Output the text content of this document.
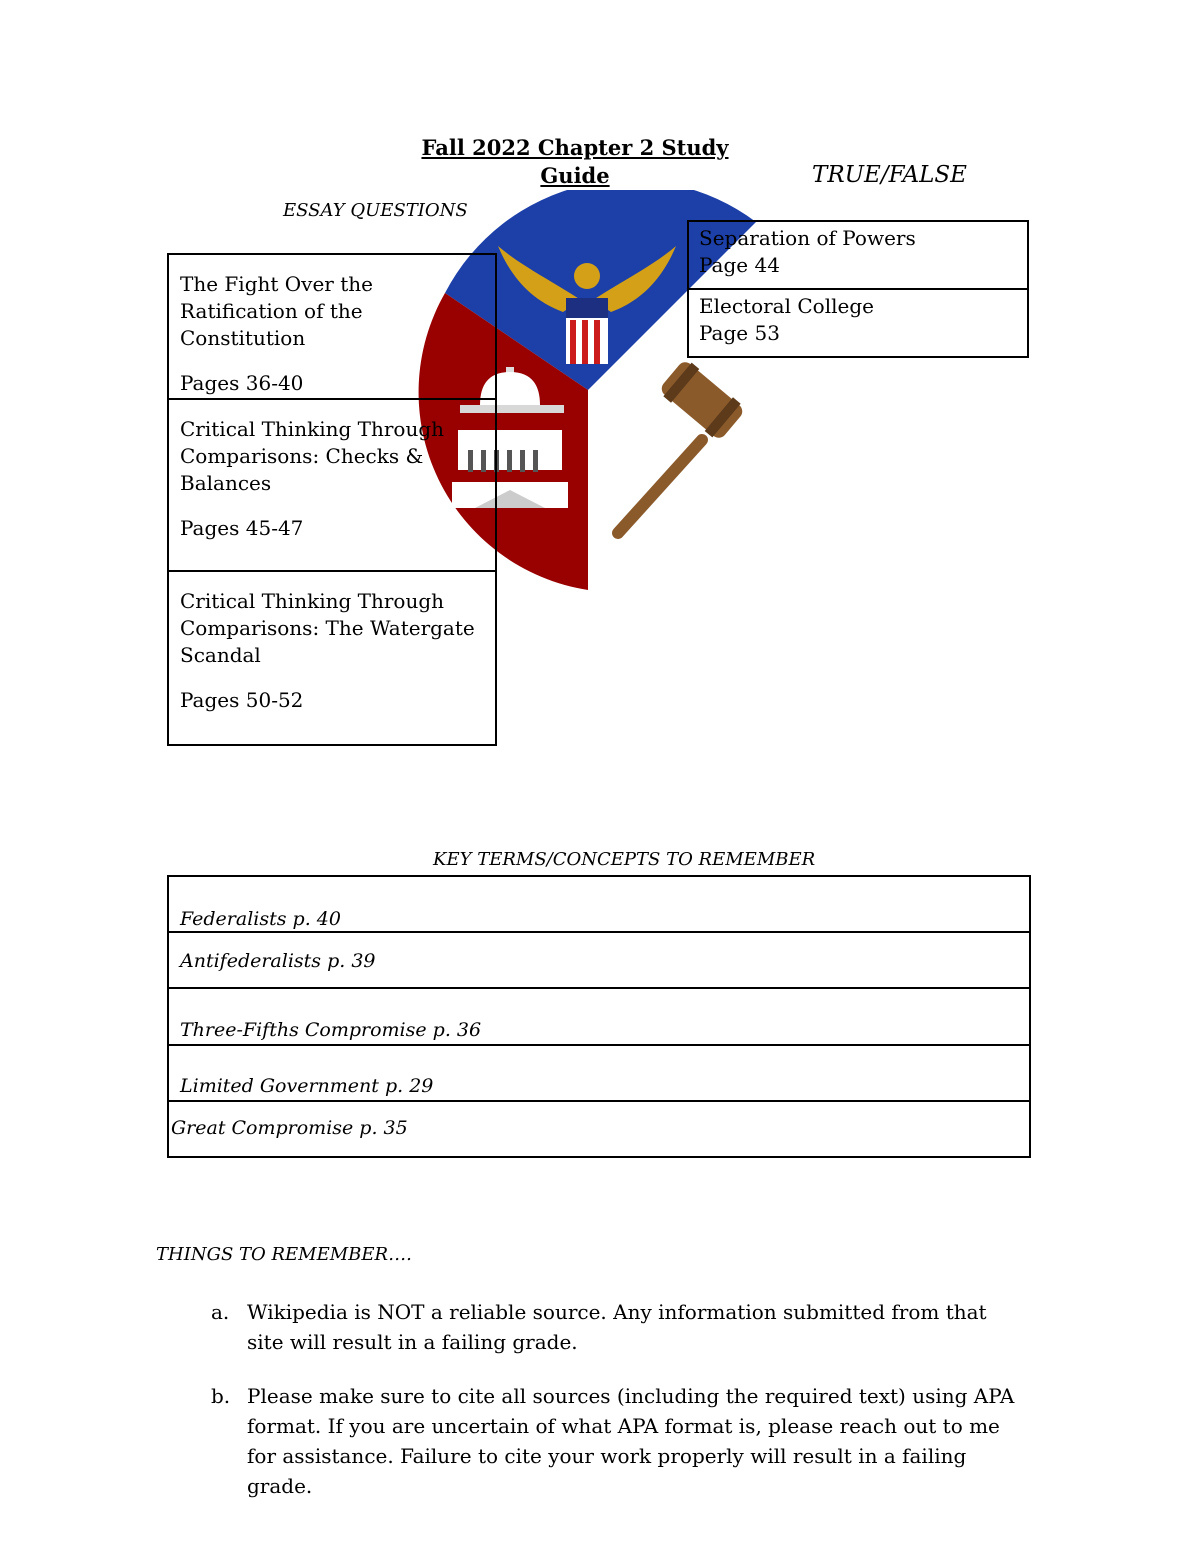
Fall 2022 Chapter 2 Study
Guide	TRUE/FALSE
ESSAY QUESTIONS

The Fight Over the Ratification of the Constitution

Pages 36-40

Critical Thinking Through Comparisons: Checks & Balances

Pages 45-47

Critical Thinking Through Comparisons: The Watergate Scandal

Pages 50-52

Separation of Powers
Page 44
Electoral College
Page 53
KEY TERMS/CONCEPTS TO REMEMBER
Federalists p. 40
Antifederalists p. 39
Three-Fifths Compromise p. 36
Limited Government p. 29
Great Compromise p. 35
THINGS TO REMEMBER….
a. Wikipedia is NOT a reliable source. Any information submitted from that site will result in a failing grade.
b. Please make sure to cite all sources (including the required text) using APA format. If you are uncertain of what APA format is, please reach out to me for assistance. Failure to cite your work properly will result in a failing grade.
